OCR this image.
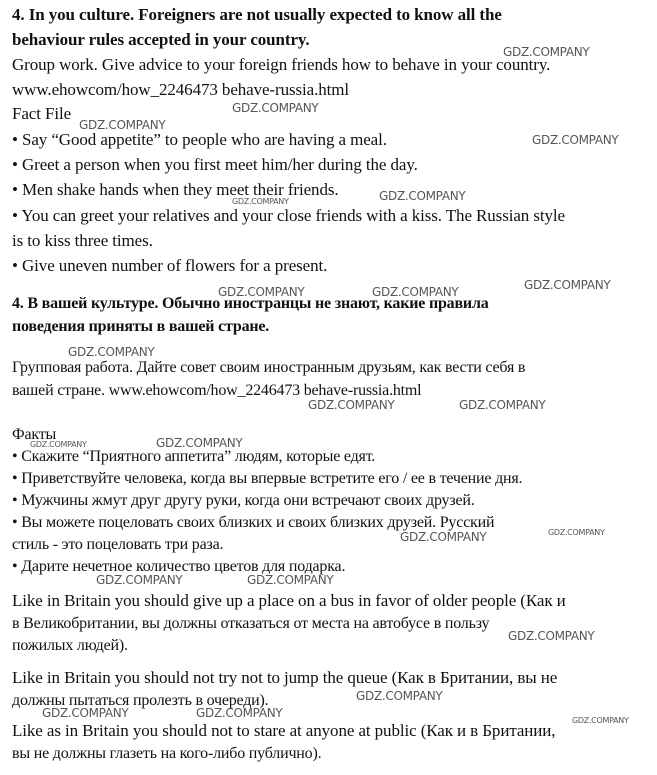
4. In you culture. Foreigners are not usually expected to know all the
behaviour rules accepted in your country.
Group work. Give advice to your foreign friends how to behave in your country.
www.ehowcom/how_2246473 behave-russia.html
Fact File
• Say “Good appetite” to people who are having a meal.
• Greet a person when you first meet him/her during the day.
• Men shake hands when they meet their friends.
• You can greet your relatives and your close friends with a kiss. The Russian style
is to kiss three times.
• Give uneven number of flowers for a present.
4. В вашей культуре. Обычно иностранцы не знают, какие правила
поведения приняты в вашей стране.
Групповая работа. Дайте совет своим иностранным друзьям, как вести себя в
вашей стране. www.ehowcom/how_2246473 behave-russia.html
Факты
• Скажите “Приятного аппетита” людям, которые едят.
• Приветствуйте человека, когда вы впервые встретите его / ее в течение дня.
• Мужчины жмут друг другу руки, когда они встречают своих друзей.
• Вы можете поцеловать своих близких и своих близких друзей. Русский
стиль - это поцеловать три раза.
• Дарите нечетное количество цветов для подарка.
Like in Britain you should give up a place on a bus in favor of older people (Как и
в Великобритании, вы должны отказаться от места на автобусе в пользу
пожилых людей).
Like in Britain you should not try not to jump the queue (Как в Британии, вы не
должны пытаться пролезть в очереди).
Like as in Britain you should not to stare at anyone at public (Как и в Британии,
вы не должны глазеть на кого-либо публично).
GDZ.COMPANY
GDZ.COMPANY
GDZ.COMPANY
GDZ.COMPANY
GDZ.COMPANY
GDZ.COMPANY
GDZ.COMPANY
GDZ.COMPANY	GDZ.COMPANY
GDZ.COMPANY
GDZ.COMPANY	GDZ.COMPANY
GDZ.COMPANY	GDZ.COMPANY
GDZ.COMPANY	GDZ.COMPANY
GDZ.COMPANY	GDZ.COMPANY
GDZ.COMPANY
GDZ.COMPANY
GDZ.COMPANY	GDZ.COMPANY
GDZ.COMPANY
